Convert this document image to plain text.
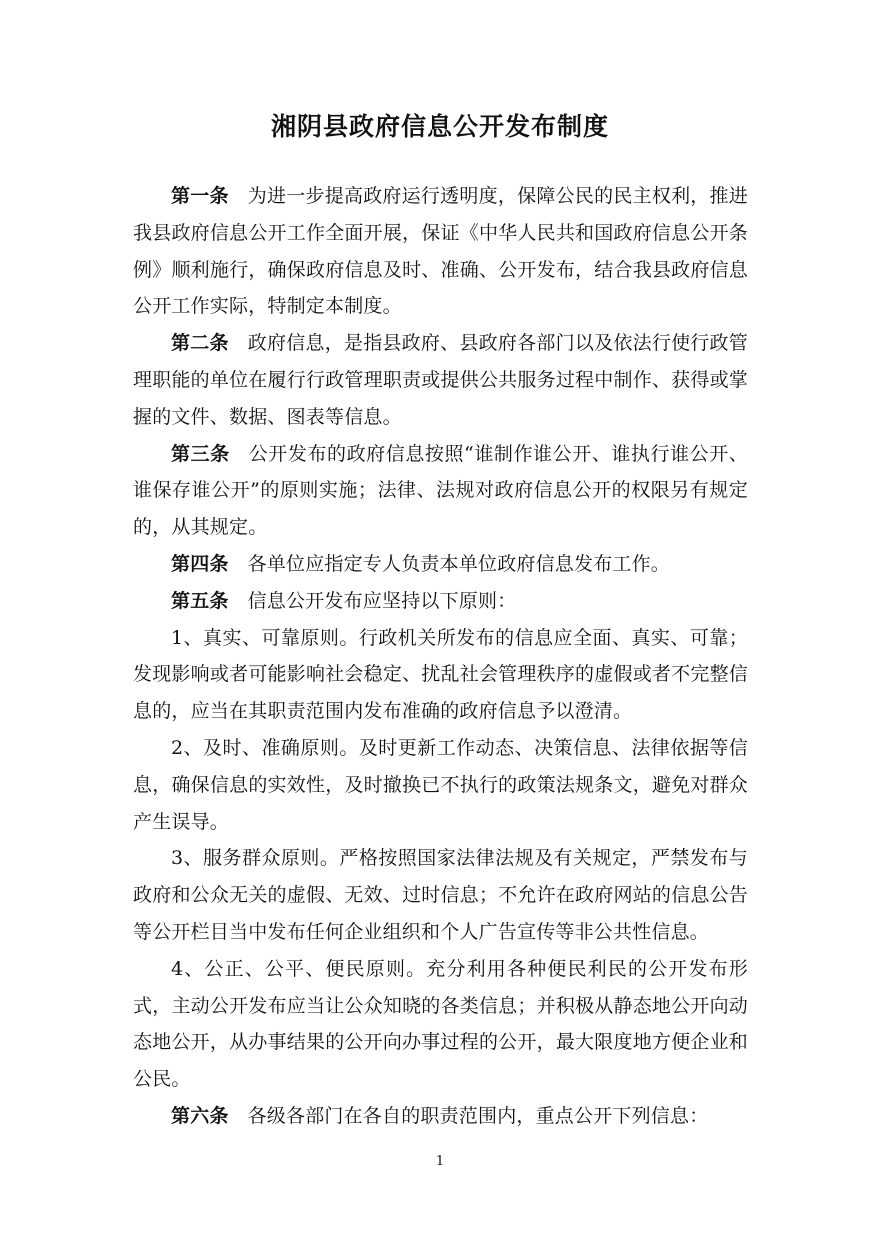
湘阴县政府信息公开发布制度

第一条 为进一步提高政府运行透明度，保障公民的民主权利，推进我县政府信息公开工作全面开展，保证《中华人民共和国政府信息公开条例》顺利施行，确保政府信息及时、准确、公开发布，结合我县政府信息公开工作实际，特制定本制度。

第二条 政府信息，是指县政府、县政府各部门以及依法行使行政管理职能的单位在履行行政管理职责或提供公共服务过程中制作、获得或掌握的文件、数据、图表等信息。

第三条 公开发布的政府信息按照“谁制作谁公开、谁执行谁公开、谁保存谁公开”的原则实施；法律、法规对政府信息公开的权限另有规定的，从其规定。

第四条 各单位应指定专人负责本单位政府信息发布工作。

第五条 信息公开发布应坚持以下原则：

1、真实、可靠原则。行政机关所发布的信息应全面、真实、可靠；发现影响或者可能影响社会稳定、扰乱社会管理秩序的虚假或者不完整信息的，应当在其职责范围内发布准确的政府信息予以澄清。

2、及时、准确原则。及时更新工作动态、决策信息、法律依据等信息，确保信息的实效性，及时撤换已不执行的政策法规条文，避免对群众产生误导。

3、服务群众原则。严格按照国家法律法规及有关规定，严禁发布与政府和公众无关的虚假、无效、过时信息；不允许在政府网站的信息公告等公开栏目当中发布任何企业组织和个人广告宣传等非公共性信息。

4、公正、公平、便民原则。充分利用各种便民利民的公开发布形式，主动公开发布应当让公众知晓的各类信息；并积极从静态地公开向动态地公开，从办事结果的公开向办事过程的公开，最大限度地方便企业和公民。

第六条 各级各部门在各自的职责范围内，重点公开下列信息：

1
